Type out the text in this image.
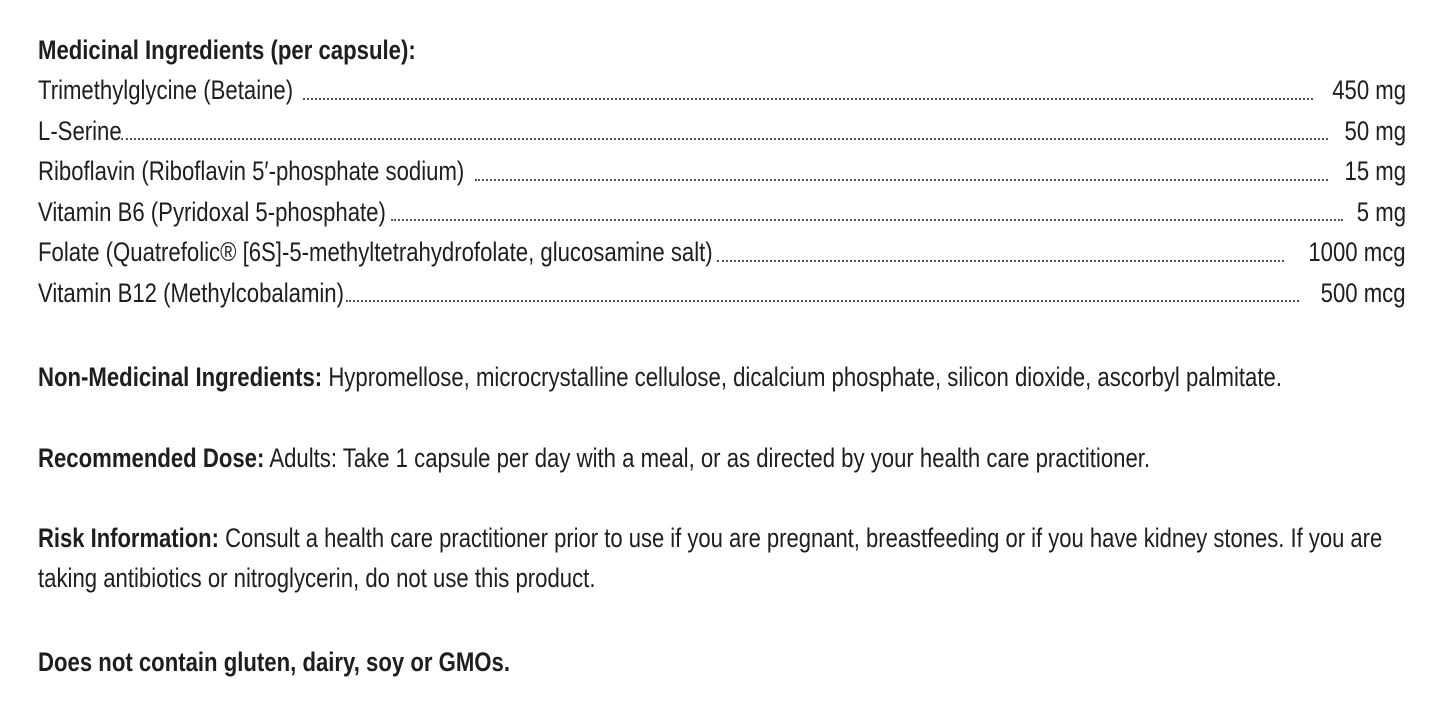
Medicinal Ingredients (per capsule):
Trimethylglycine (Betaine)	450 mg
L-Serine	50 mg
Riboflavin (Riboflavin 5′-phosphate sodium)	15 mg
Vitamin B6 (Pyridoxal 5-phosphate)	5 mg
Folate (Quatrefolic® [6S]-5-methyltetrahydrofolate, glucosamine salt)	1000 mcg
Vitamin B12 (Methylcobalamin)	500 mcg

Non-Medicinal Ingredients: Hypromellose, microcrystalline cellulose, dicalcium phosphate, silicon dioxide, ascorbyl palmitate.

Recommended Dose: Adults: Take 1 capsule per day with a meal, or as directed by your health care practitioner.

Risk Information: Consult a health care practitioner prior to use if you are pregnant, breastfeeding or if you have kidney stones. If you are
taking antibiotics or nitroglycerin, do not use this product.

Does not contain gluten, dairy, soy or GMOs.
